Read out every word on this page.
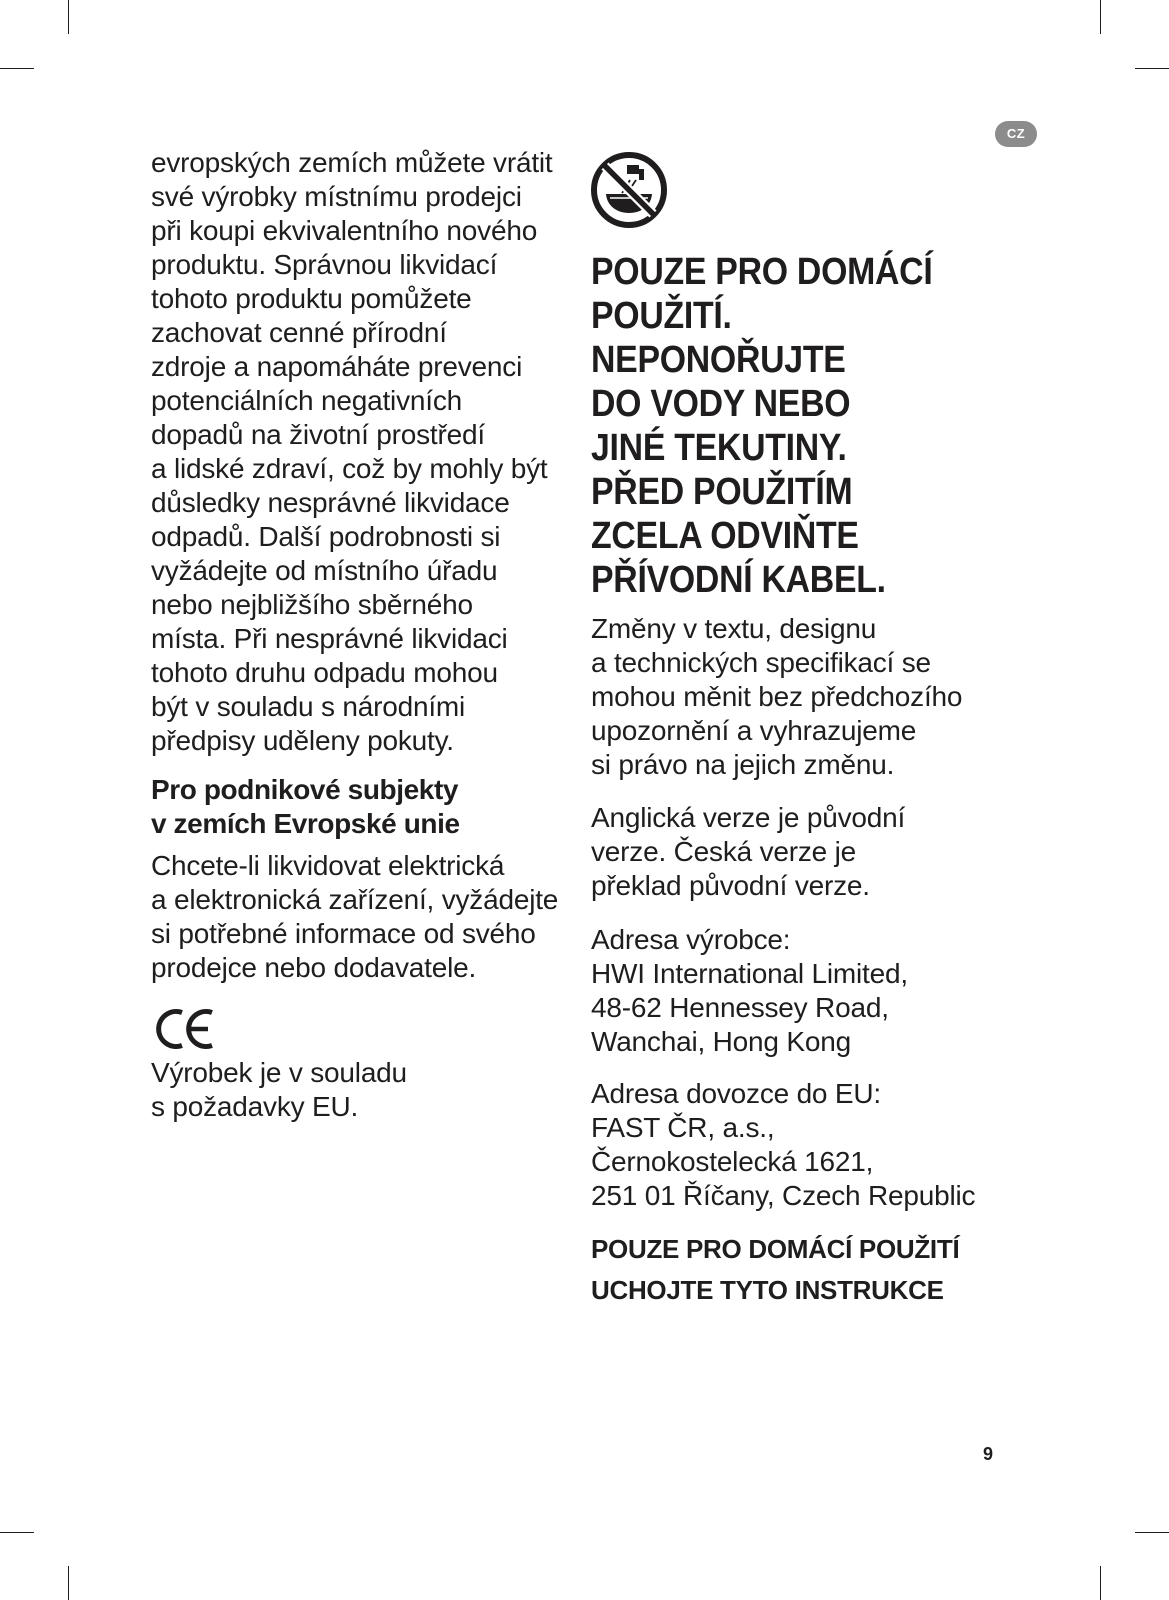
CZ
evropských zemích můžete vrátit
své výrobky místnímu prodejci
při koupi ekvivalentního nového
produktu. Správnou likvidací
tohoto produktu pomůžete
zachovat cenné přírodní
zdroje a napomáháte prevenci
potenciálních negativních
dopadů na životní prostředí
a lidské zdraví, což by mohly být
důsledky nesprávné likvidace
odpadů. Další podrobnosti si
vyžádejte od místního úřadu
nebo nejbližšího sběrného
místa. Při nesprávné likvidaci
tohoto druhu odpadu mohou
být v souladu s národními
předpisy uděleny pokuty.
Pro podnikové subjekty
v zemích Evropské unie
Chcete-li likvidovat elektrická
a elektronická zařízení, vyžádejte
si potřebné informace od svého
prodejce nebo dodavatele.
Výrobek je v souladu
s požadavky EU.
POUZE PRO DOMÁCÍ
POUŽITÍ.
NEPONOŘUJTE
DO VODY NEBO
JINÉ TEKUTINY.
PŘED POUŽITÍM
ZCELA ODVIŇTE
PŘÍVODNÍ KABEL.
Změny v textu, designu
a technických specifikací se
mohou měnit bez předchozího
upozornění a vyhrazujeme
si právo na jejich změnu.
Anglická verze je původní
verze. Česká verze je
překlad původní verze.
Adresa výrobce:
HWI International Limited,
48-62 Hennessey Road,
Wanchai, Hong Kong
Adresa dovozce do EU:
FAST ČR, a.s.,
Černokostelecká 1621,
251 01 Říčany, Czech Republic
POUZE PRO DOMÁCÍ POUŽITÍ
UCHOJTE TYTO INSTRUKCE
9
